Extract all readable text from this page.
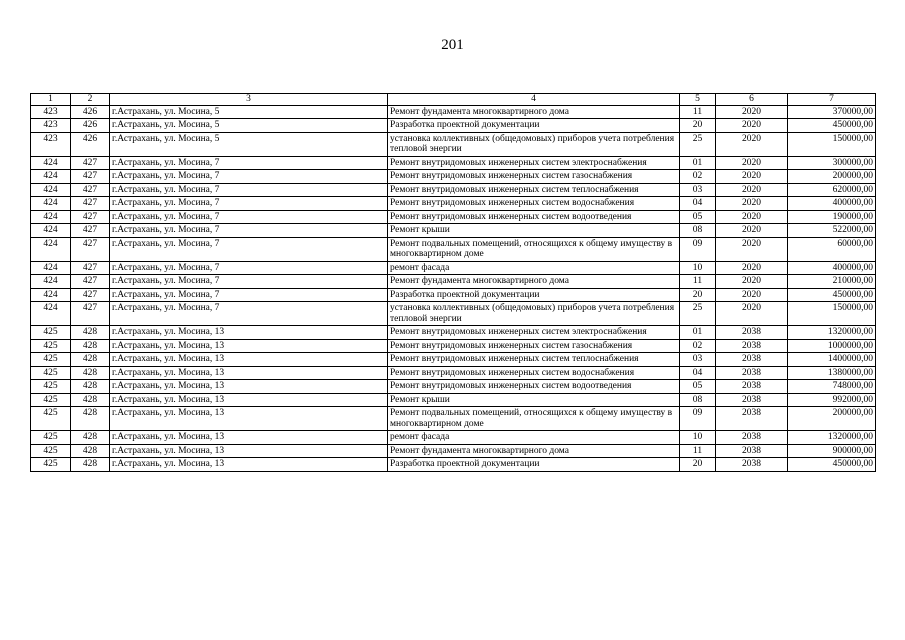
201
1	2	3	4	5	6	7
423	426	г.Астрахань, ул. Мосина, 5	Ремонт фундамента многоквартирного дома	11	2020	370000,00
423	426	г.Астрахань, ул. Мосина, 5	Разработка проектной документации	20	2020	450000,00
423	426	г.Астрахань, ул. Мосина, 5	установка коллективных (общедомовых) приборов учета потребления тепловой энергии	25	2020	150000,00
424	427	г.Астрахань, ул. Мосина, 7	Ремонт внутридомовых инженерных систем электроснабжения	01	2020	300000,00
424	427	г.Астрахань, ул. Мосина, 7	Ремонт внутридомовых инженерных систем газоснабжения	02	2020	200000,00
424	427	г.Астрахань, ул. Мосина, 7	Ремонт внутридомовых инженерных систем теплоснабжения	03	2020	620000,00
424	427	г.Астрахань, ул. Мосина, 7	Ремонт внутридомовых инженерных систем водоснабжения	04	2020	400000,00
424	427	г.Астрахань, ул. Мосина, 7	Ремонт внутридомовых инженерных систем водоотведения	05	2020	190000,00
424	427	г.Астрахань, ул. Мосина, 7	Ремонт крыши	08	2020	522000,00
424	427	г.Астрахань, ул. Мосина, 7	Ремонт подвальных помещений, относящихся к общему имуществу в многоквартирном доме	09	2020	60000,00
424	427	г.Астрахань, ул. Мосина, 7	ремонт фасада	10	2020	400000,00
424	427	г.Астрахань, ул. Мосина, 7	Ремонт фундамента многоквартирного дома	11	2020	210000,00
424	427	г.Астрахань, ул. Мосина, 7	Разработка проектной документации	20	2020	450000,00
424	427	г.Астрахань, ул. Мосина, 7	установка коллективных (общедомовых) приборов учета потребления тепловой энергии	25	2020	150000,00
425	428	г.Астрахань, ул. Мосина, 13	Ремонт внутридомовых инженерных систем электроснабжения	01	2038	1320000,00
425	428	г.Астрахань, ул. Мосина, 13	Ремонт внутридомовых инженерных систем газоснабжения	02	2038	1000000,00
425	428	г.Астрахань, ул. Мосина, 13	Ремонт внутридомовых инженерных систем теплоснабжения	03	2038	1400000,00
425	428	г.Астрахань, ул. Мосина, 13	Ремонт внутридомовых инженерных систем водоснабжения	04	2038	1380000,00
425	428	г.Астрахань, ул. Мосина, 13	Ремонт внутридомовых инженерных систем водоотведения	05	2038	748000,00
425	428	г.Астрахань, ул. Мосина, 13	Ремонт крыши	08	2038	992000,00
425	428	г.Астрахань, ул. Мосина, 13	Ремонт подвальных помещений, относящихся к общему имуществу в многоквартирном доме	09	2038	200000,00
425	428	г.Астрахань, ул. Мосина, 13	ремонт фасада	10	2038	1320000,00
425	428	г.Астрахань, ул. Мосина, 13	Ремонт фундамента многоквартирного дома	11	2038	900000,00
425	428	г.Астрахань, ул. Мосина, 13	Разработка проектной документации	20	2038	450000,00
